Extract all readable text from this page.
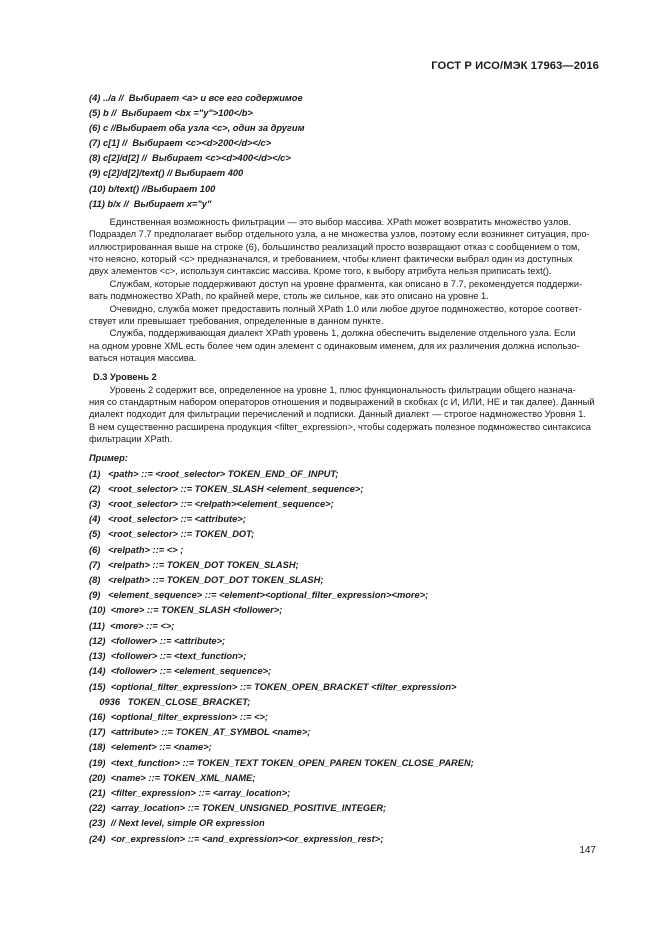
ГОСТ Р ИСО/МЭК 17963—2016
(4) ../a //  Выбирает <a> и все его содержимое
(5) b //  Выбирает <bx ="y">100</b>
(6) c //Выбирает оба узла <c>, один за другим
(7) c[1] //  Выбирает <c><d>200</d></c>
(8) c[2]/d[2] //  Выбирает <c><d>400</d></c>
(9) c[2]/d[2]/text() // Выбирает 400
(10) b/text() //Выбирает 100
(11) b/x //  Выбирает x="y"
Единственная возможность фильтрации — это выбор массива. XPath может возвратить множество узлов.
Подраздел 7.7 предполагает выбор отдельного узла, а не множества узлов, поэтому если возникнет ситуация, про-
иллюстрированная выше на строке (6), большинство реализаций просто возвращают отказ с сообщением о том,
что неясно, который <c> предназначался, и требованием, чтобы клиент фактически выбрал один из доступных
двух элементов <c>, используя синтаксис массива. Кроме того, к выбору атрибута нельзя приписать text().
Службам, которые поддерживают доступ на уровне фрагмента, как описано в 7.7, рекомендуется поддержи-
вать подмножество XPath, по крайней мере, столь же сильное, как это описано на уровне 1.
Очевидно, служба может предоставить полный XPath 1.0 или любое другое подмножество, которое соответ-
ствует или превышает требования, определенные в данном пункте.
Служба, поддерживающая диалект XPath уровень 1, должна обеспечить выделение отдельного узла. Если
на одном уровне XML есть более чем один элемент с одинаковым именем, для их различения должна использо-
ваться нотация массива.
D.3 Уровень 2
Уровень 2 содержит все, определенное на уровне 1, плюс функциональность фильтрации общего назнача-
ния со стандартным набором операторов отношения и подвыражений в скобках (с И, ИЛИ, НЕ и так далее). Данный
диалект подходит для фильтрации перечислений и подписки. Данный диалект — строгое надмножество Уровня 1.
В нем существенно расширена продукция <filter_expression>, чтобы содержать полезное подмножество синтаксиса
фильтрации XPath.
Пример:
(1)   <path> ::= <root_selector> TOKEN_END_OF_INPUT;
(2)   <root_selector> ::= TOKEN_SLASH <element_sequence>;
(3)   <root_selector> ::= <relpath><element_sequence>;
(4)   <root_selector> ::= <attribute>;
(5)   <root_selector> ::= TOKEN_DOT;
(6)   <relpath> ::= <> ;
(7)   <relpath> ::= TOKEN_DOT TOKEN_SLASH;
(8)   <relpath> ::= TOKEN_DOT_DOT TOKEN_SLASH;
(9)   <element_sequence> ::= <element><optional_filter_expression><more>;
(10)  <more> ::= TOKEN_SLASH <follower>;
(11)  <more> ::= <>;
(12)  <follower> ::= <attribute>;
(13)  <follower> ::= <text_function>;
(14)  <follower> ::= <element_sequence>;
(15)  <optional_filter_expression> ::= TOKEN_OPEN_BRACKET <filter_expression>
0936   TOKEN_CLOSE_BRACKET;
(16)  <optional_filter_expression> ::= <>;
(17)  <attribute> ::= TOKEN_AT_SYMBOL <name>;
(18)  <element> ::= <name>;
(19)  <text_function> ::= TOKEN_TEXT TOKEN_OPEN_PAREN TOKEN_CLOSE_PAREN;
(20)  <name> ::= TOKEN_XML_NAME;
(21)  <filter_expression> ::= <array_location>;
(22)  <array_location> ::= TOKEN_UNSIGNED_POSITIVE_INTEGER;
(23)  // Next level, simple OR expression
(24)  <or_expression> ::= <and_expression><or_expression_rest>;
147
